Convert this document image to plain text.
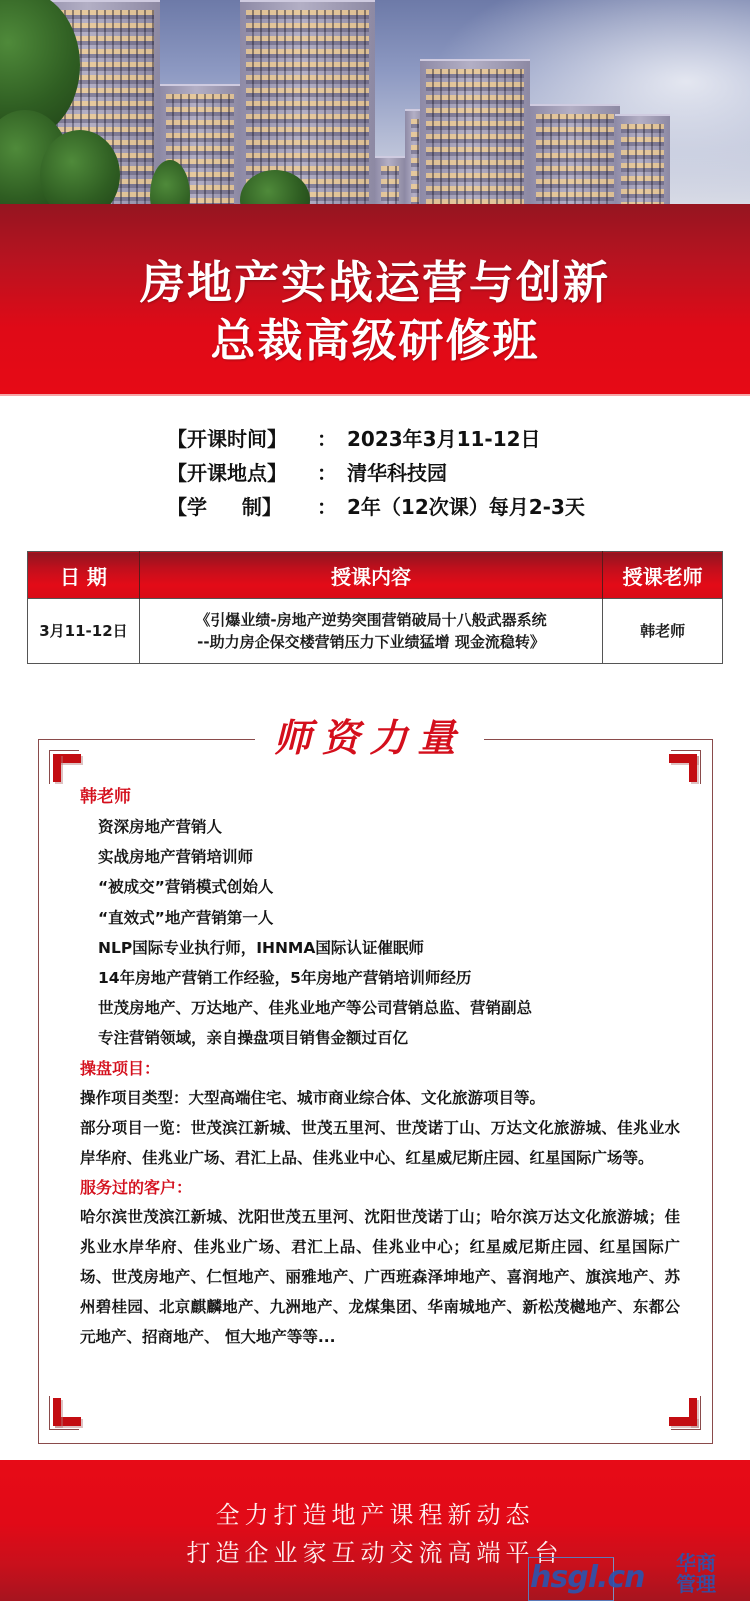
房地产实战运营与创新
总裁高级研修班
【开课时间】	： 2023年3月11-12日
【开课地点】	： 清华科技园
【学     制】	： 2年（12次课）每月2-3天
日 期	授课内容	授课老师
3月11-12日	《引爆业绩-房地产逆势突围营销破局十八般武器系统
--助力房企保交楼营销压力下业绩猛增 现金流稳转》	韩老师
师资力量
韩老师
资深房地产营销人
实战房地产营销培训师
“被成交”营销模式创始人
“直效式”地产营销第一人
NLP国际专业执行师，IHNMA国际认证催眠师
14年房地产营销工作经验，5年房地产营销培训师经历
世茂房地产、万达地产、佳兆业地产等公司营销总监、营销副总
专注营销领域，亲自操盘项目销售金额过百亿
操盘项目：
操作项目类型：大型高端住宅、城市商业综合体、文化旅游项目等。
部分项目一览：世茂滨江新城、世茂五里河、世茂诺丁山、万达文化旅游城、佳兆业水岸华府、佳兆业广场、君汇上品、佳兆业中心、红星威尼斯庄园、红星国际广场等。
服务过的客户：
哈尔滨世茂滨江新城、沈阳世茂五里河、沈阳世茂诺丁山；哈尔滨万达文化旅游城；佳兆业水岸华府、佳兆业广场、君汇上品、佳兆业中心；红星威尼斯庄园、红星国际广场、世茂房地产、仁恒地产、丽雅地产、广西班森泽坤地产、喜润地产、旗滨地产、苏州碧桂园、北京麒麟地产、九洲地产、龙煤集团、华南城地产、新松茂樾地产、东都公元地产、招商地产、 恒大地产等等...
全力打造地产课程新动态
打造企业家互动交流高端平台
hsgl.cn 华商管理
